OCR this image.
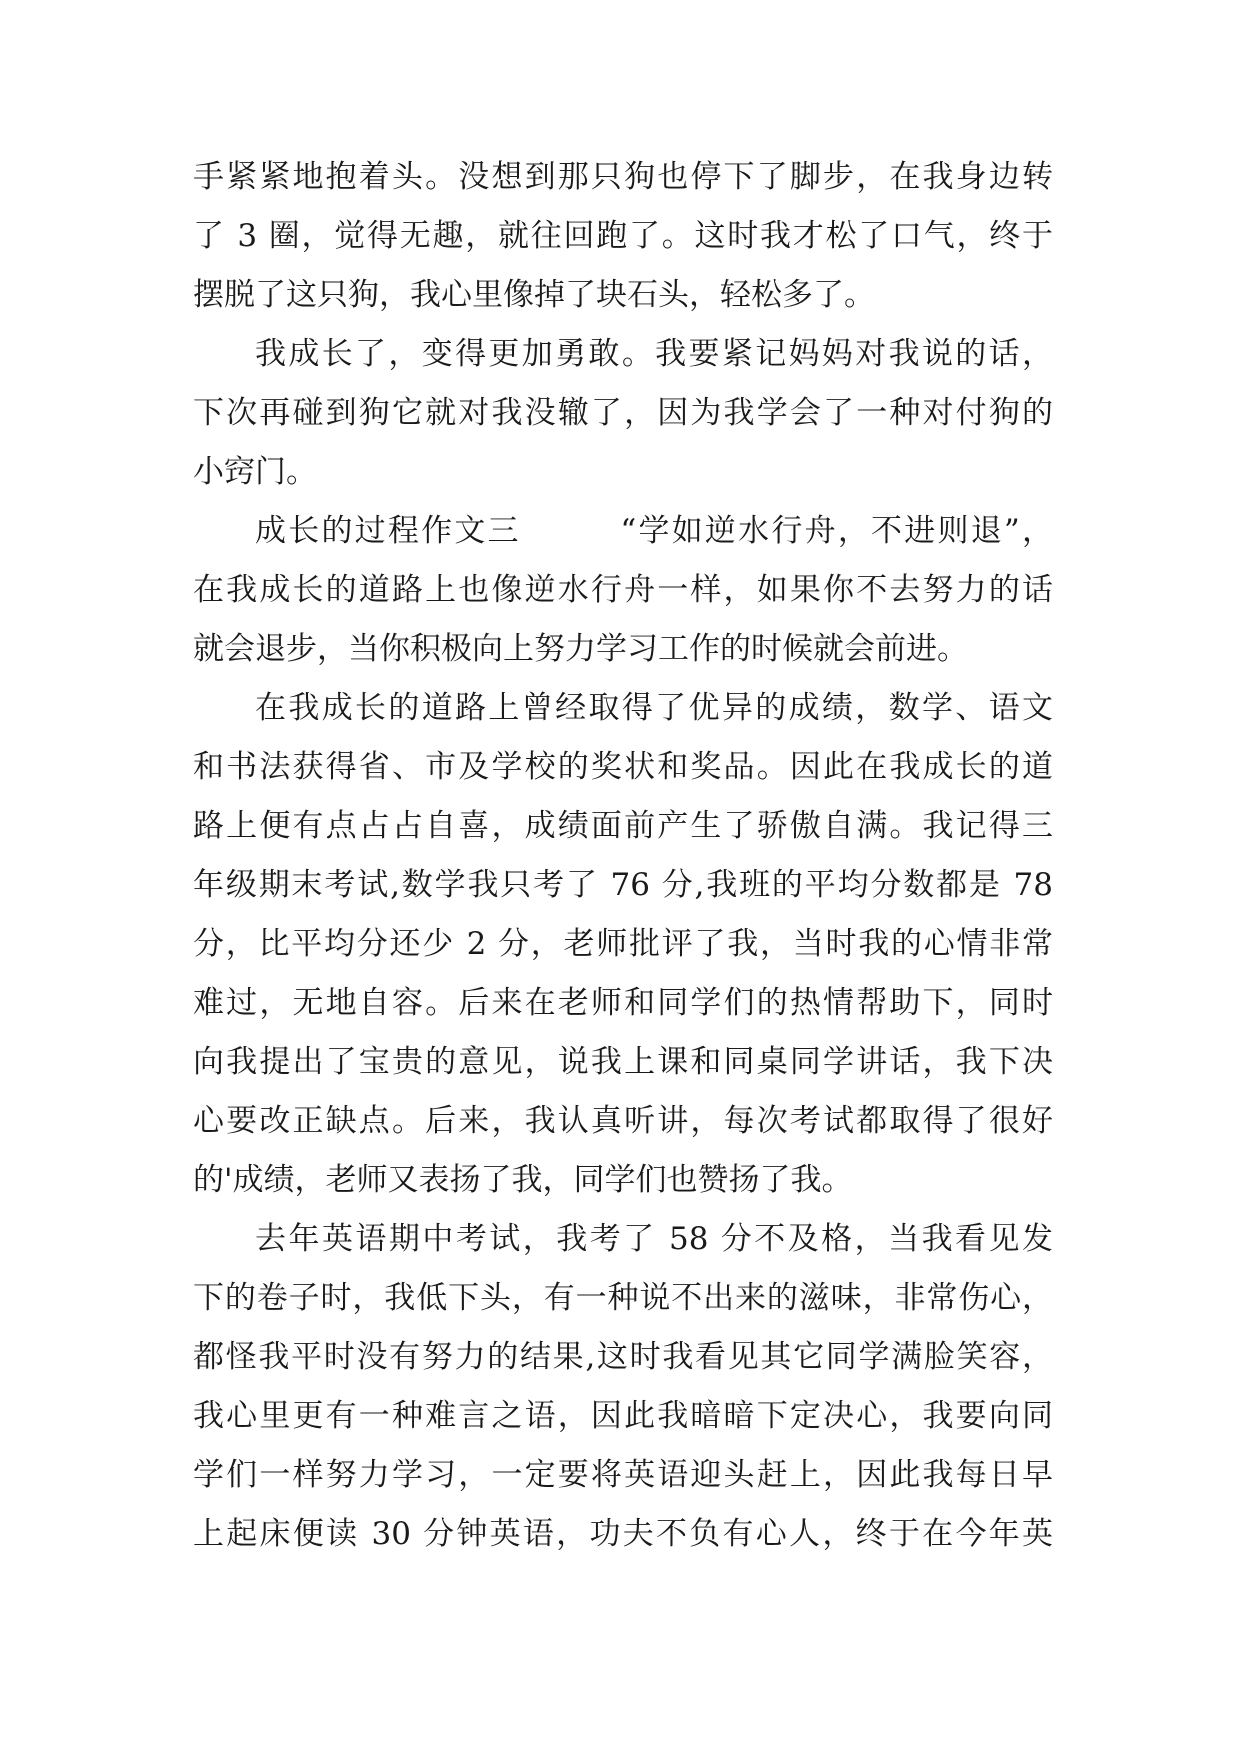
手紧紧地抱着头。没想到那只狗也停下了脚步，在我身边转
了 3 圈，觉得无趣，就往回跑了。这时我才松了口气，终于
摆脱了这只狗，我心里像掉了块石头，轻松多了。
我成长了，变得更加勇敢。我要紧记妈妈对我说的话，
下次再碰到狗它就对我没辙了，因为我学会了一种对付狗的
小窍门。
成长的过程作文三　　　“学如逆水行舟，不进则退”，
在我成长的道路上也像逆水行舟一样，如果你不去努力的话
就会退步，当你积极向上努力学习工作的时候就会前进。
在我成长的道路上曾经取得了优异的成绩，数学、语文
和书法获得省、市及学校的奖状和奖品。因此在我成长的道
路上便有点占占自喜，成绩面前产生了骄傲自满。我记得三
年级期末考试,数学我只考了 76 分,我班的平均分数都是 78
分，比平均分还少 2 分，老师批评了我，当时我的心情非常
难过，无地自容。后来在老师和同学们的热情帮助下，同时
向我提出了宝贵的意见，说我上课和同桌同学讲话，我下决
心要改正缺点。后来，我认真听讲，每次考试都取得了很好
的'成绩，老师又表扬了我，同学们也赞扬了我。
去年英语期中考试，我考了 58 分不及格，当我看见发
下的卷子时，我低下头，有一种说不出来的滋味，非常伤心，
都怪我平时没有努力的结果,这时我看见其它同学满脸笑容，
我心里更有一种难言之语，因此我暗暗下定决心，我要向同
学们一样努力学习，一定要将英语迎头赶上，因此我每日早
上起床便读 30 分钟英语，功夫不负有心人，终于在今年英
